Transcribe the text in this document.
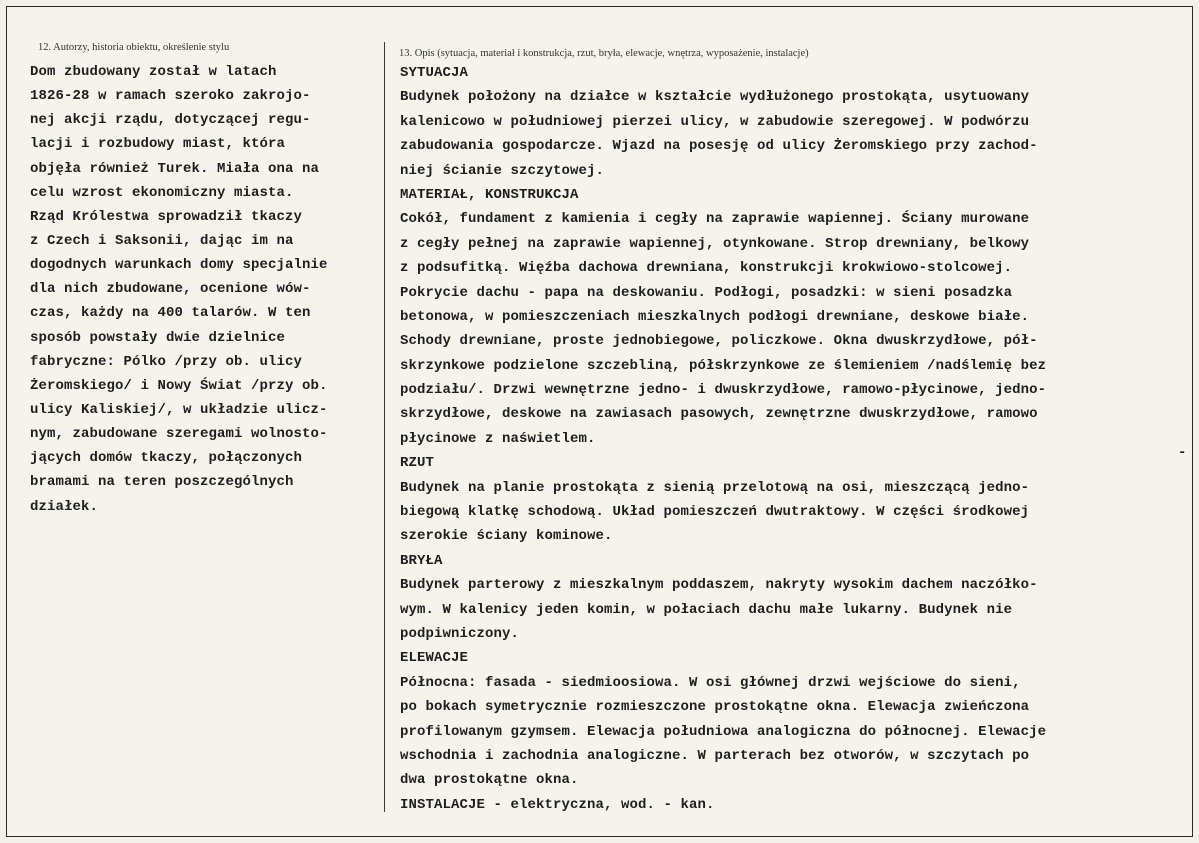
12. Autorzy, historia obiektu, określenie stylu
13. Opis (sytuacja, materiał i konstrukcja, rzut, bryła, elewacje, wnętrza, wyposażenie, instalacje)
Dom zbudowany został w latach
1826-28 w ramach szeroko zakrojo-
nej akcji rządu, dotyczącej regu-
lacji i rozbudowy miast, która
objęła również Turek. Miała ona na
celu wzrost ekonomiczny miasta.
Rząd Królestwa sprowadził tkaczy
z Czech i Saksonii, dając im na
dogodnych warunkach domy specjalnie
dla nich zbudowane, ocenione wów-
czas, każdy na 400 talarów. W ten
sposób powstały dwie dzielnice
fabryczne: Pólko /przy ob. ulicy
Żeromskiego/ i Nowy Świat /przy ob.
ulicy Kaliskiej/, w układzie ulicz-
nym, zabudowane szeregami wolnosto-
jących domów tkaczy, połączonych
bramami na teren poszczególnych
działek.
SYTUACJA
Budynek położony na działce w kształcie wydłużonego prostokąta, usytuowany
kalenicowo w południowej pierzei ulicy, w zabudowie szeregowej. W podwórzu
zabudowania gospodarcze. Wjazd na posesję od ulicy Żeromskiego przy zachod-
niej ścianie szczytowej.
MATERIAŁ, KONSTRUKCJA
Cokół, fundament z kamienia i cegły na zaprawie wapiennej. Ściany murowane
z cegły pełnej na zaprawie wapiennej, otynkowane. Strop drewniany, belkowy
z podsufitką. Więźba dachowa drewniana, konstrukcji krokwiowo-stolcowej.
Pokrycie dachu - papa na deskowaniu. Podłogi, posadzki: w sieni posadzka
betonowa, w pomieszczeniach mieszkalnych podłogi drewniane, deskowe białe.
Schody drewniane, proste jednobiegowe, policzkowe. Okna dwuskrzydłowe, pół-
skrzynkowe podzielone szczebliną, półskrzynkowe ze ślemieniem /nadślemię bez
podziału/. Drzwi wewnętrzne jedno- i dwuskrzydłowe, ramowo-płycinowe, jedno-
skrzydłowe, deskowe na zawiasach pasowych, zewnętrzne dwuskrzydłowe, ramowo
płycinowe z naświetlem.
RZUT
Budynek na planie prostokąta z sienią przelotową na osi, mieszczącą jedno-
biegową klatkę schodową. Układ pomieszczeń dwutraktowy. W części środkowej
szerokie ściany kominowe.
BRYŁA
Budynek parterowy z mieszkalnym poddaszem, nakryty wysokim dachem naczółko-
wym. W kalenicy jeden komin, w połaciach dachu małe lukarny. Budynek nie
podpiwniczony.
ELEWACJE
Północna: fasada - siedmioosiowa. W osi głównej drzwi wejściowe do sieni,
po bokach symetrycznie rozmieszczone prostokątne okna. Elewacja zwieńczona
profilowanym gzymsem. Elewacja południowa analogiczna do północnej. Elewacje
wschodnia i zachodnia analogiczne. W parterach bez otworów, w szczytach po
dwa prostokątne okna.
INSTALACJE - elektryczna, wod. - kan.
-
